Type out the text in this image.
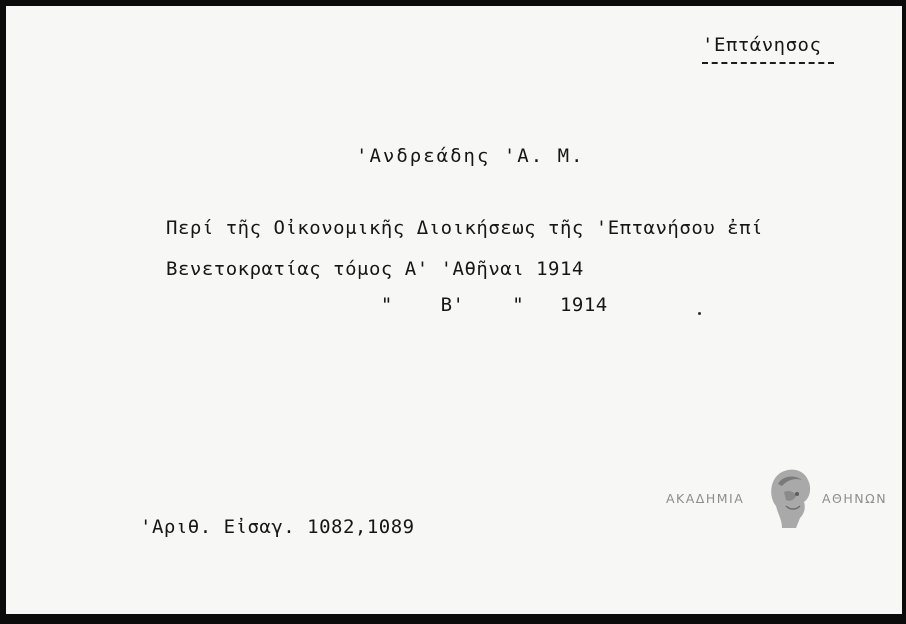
'Επτάνησος
'Ανδρεάδης 'Α. Μ.
Περί τῆς Οἰκονομικῆς Διοικήσεως τῆς 'Επτανήσου ἐπί
Βενετοκρατίας τόμος Α' 'Αθῆναι 1914
"    Β'    "   1914
'Αριθ. Εἰσαγ. 1082,1089
ΑΚΑΔΗΜΙΑ	ΑΘΗΝΩΝ
